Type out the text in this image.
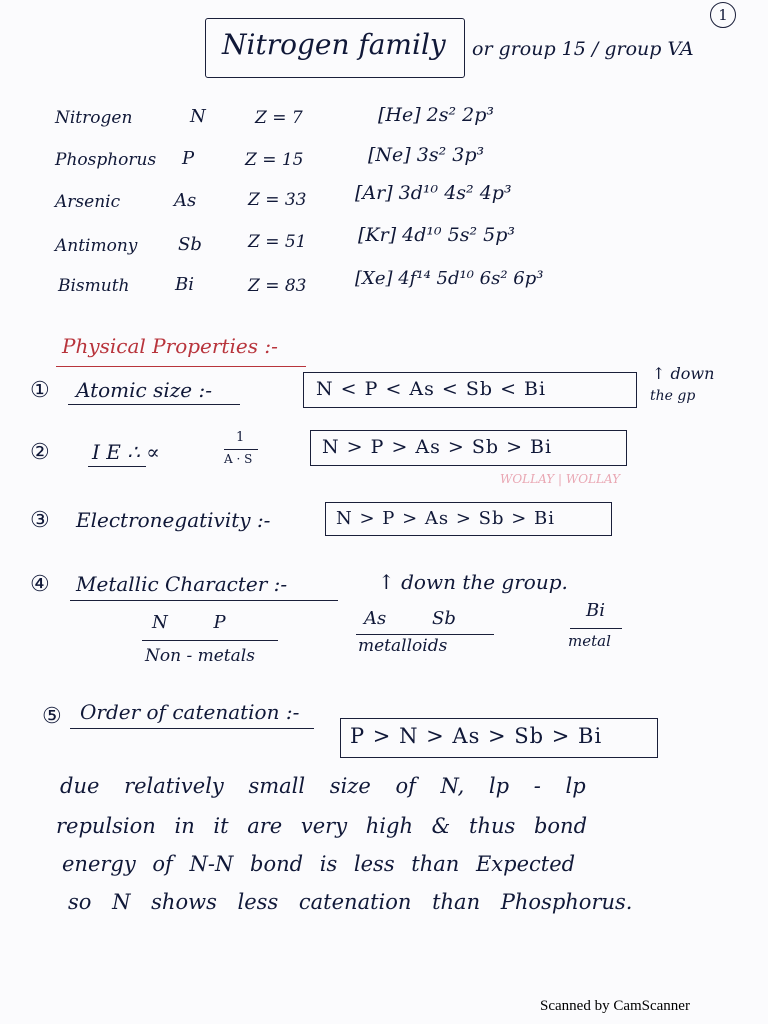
1
Nitrogen family or group 15 / group VA
Nitrogen	N	Z = 7	[He] 2s² 2p³
Phosphorus P	Z = 15	[Ne] 3s² 3p³
Arsenic	As	Z = 33	[Ar] 3d¹⁰ 4s² 4p³
Antimony Sb	Z = 51	[Kr] 4d¹⁰ 5s² 5p³
Bismuth	Bi	Z = 83	[Xe] 4f¹⁴ 5d¹⁰ 6s² 6p³
Physical Properties :-
① Atomic size :-	N < P < As < Sb < Bi
↑ down
the gp
② I E ∴ ∝
1
A · S
N > P > As > Sb > Bi
WOLLAY | WOLLAY
③ Electronegativity :-	N > P > As > Sb > Bi
④ Metallic Character :-	↑ down the group.
N        P
Non - metals
As        Sb
metalloids
Bi
metal
⑤ Order of catenation :-
P > N > As > Sb > Bi
due relatively small size of N, lp - lp
repulsion in it are very high & thus bond
energy of N-N bond is less than Expected
so N shows less catenation than Phosphorus.
Scanned by CamScanner
